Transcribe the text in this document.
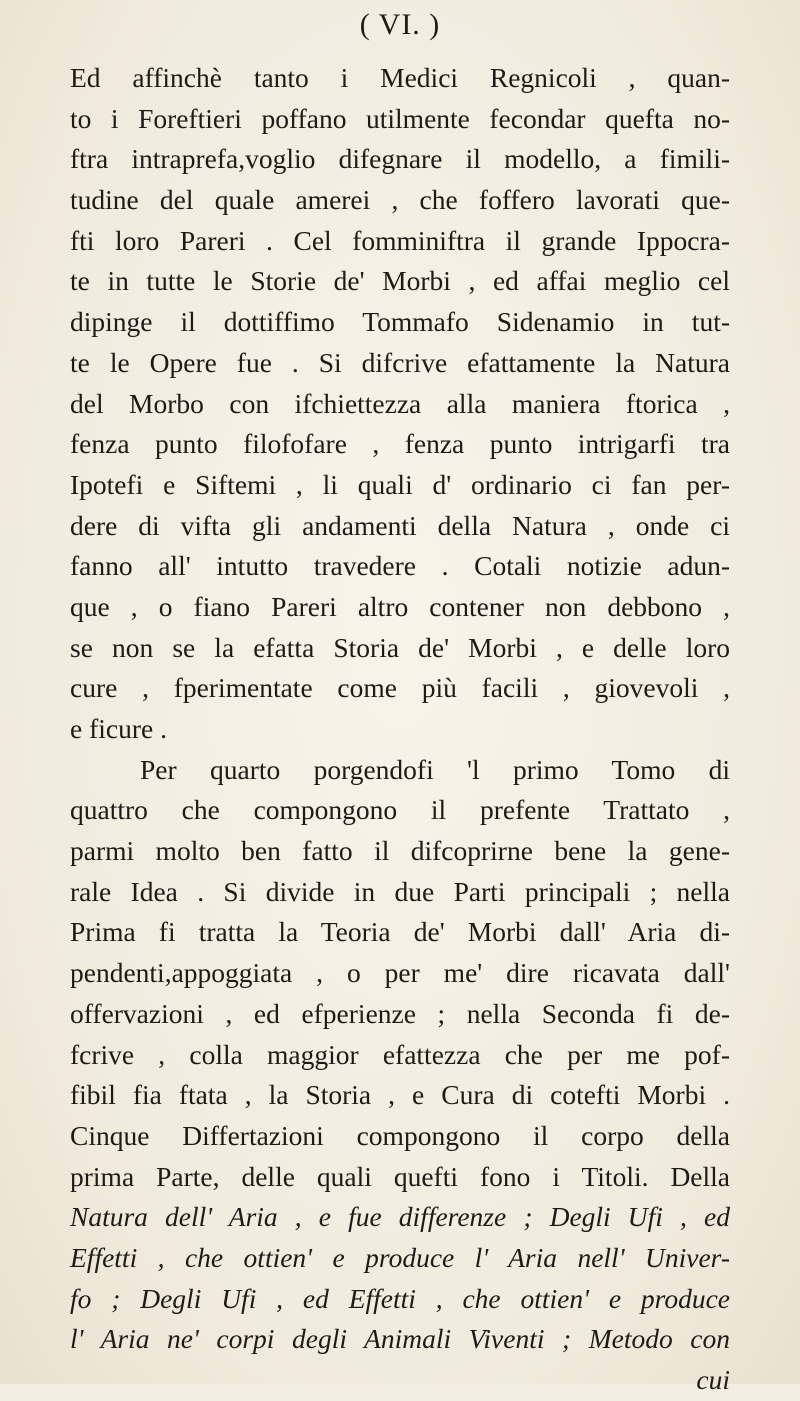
( VI. )
Ed affinchè tanto i Medici Regnicoli , quan-
to i Foreftieri poffano utilmente fecondar quefta no-
ftra intraprefa,voglio difegnare il modello, a fimili-
tudine del quale amerei , che foffero lavorati que-
fti loro Pareri . Cel fomminiftra il grande Ippocra-
te in tutte le Storie de' Morbi , ed affai meglio cel
dipinge il dottiffimo Tommafo Sidenamio in tut-
te le Opere fue . Si difcrive efattamente la Natura
del Morbo con ifchiettezza alla maniera ftorica ,
fenza punto filofofare , fenza punto intrigarfi tra
Ipotefi e Siftemi , li quali d' ordinario ci fan per-
dere di vifta gli andamenti della Natura , onde ci
fanno all' intutto travedere . Cotali notizie adun-
que , o fiano Pareri altro contener non debbono ,
se non se la efatta Storia de' Morbi , e delle loro
cure , fperimentate come più facili , giovevoli ,
e ficure .
Per quarto porgendofi 'l primo Tomo di
quattro che compongono il prefente Trattato ,
parmi molto ben fatto il difcoprirne bene la gene-
rale Idea . Si divide in due Parti principali ; nella
Prima fi tratta la Teoria de' Morbi dall' Aria di-
pendenti,appoggiata , o per me' dire ricavata dall'
offervazioni , ed efperienze ; nella Seconda fi de-
fcrive , colla maggior efattezza che per me pof-
fibil fia ftata , la Storia , e Cura di cotefti Morbi .
Cinque Differtazioni compongono il corpo della
prima Parte, delle quali quefti fono i Titoli. Della
Natura dell' Aria , e fue differenze ; Degli Ufi , ed
Effetti , che ottien' e produce l' Aria nell' Univer-
fo ; Degli Ufi , ed Effetti , che ottien' e produce
l' Aria ne' corpi degli Animali Viventi ; Metodo con
cui
